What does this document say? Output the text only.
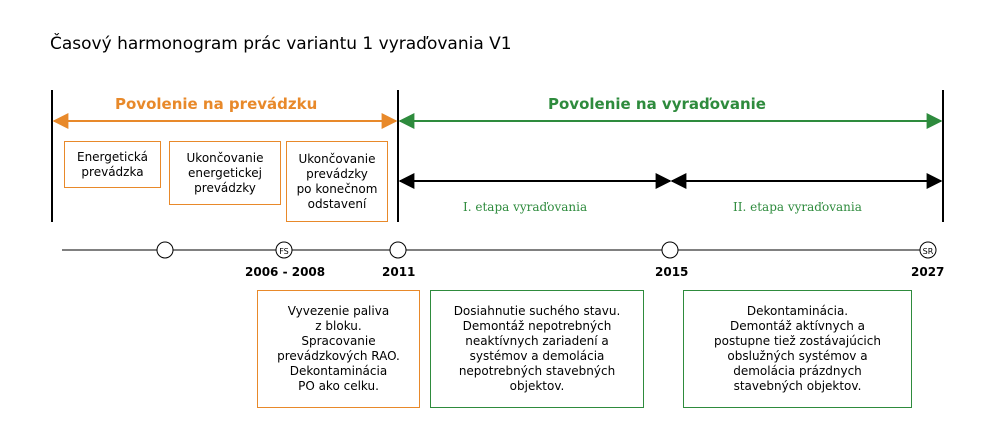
Časový harmonogram prác variantu 1 vyraďovania V1
FS	SR
Povolenie na prevádzku	Povolenie na vyraďovanie
Energetická
prevádzka
Ukončovanie
energetickej
prevádzky
Ukončovanie
prevádzky
po konečnom
odstavení	I. etapa vyraďovania	II. etapa vyraďovania
2006 - 2008	2011	2015	2027
Vyvezenie paliva
z bloku.
Spracovanie
prevádzkových RAO.
Dekontaminácia
PO ako celku.
Dosiahnutie suchého stavu.
Demontáž nepotrebných
neaktívnych zariadení a
systémov a demolácia
nepotrebných stavebných
objektov.
Dekontaminácia.
Demontáž aktívnych a
postupne tiež zostávajúcich
obslužných systémov a
demolácia prázdnych
stavebných objektov.
